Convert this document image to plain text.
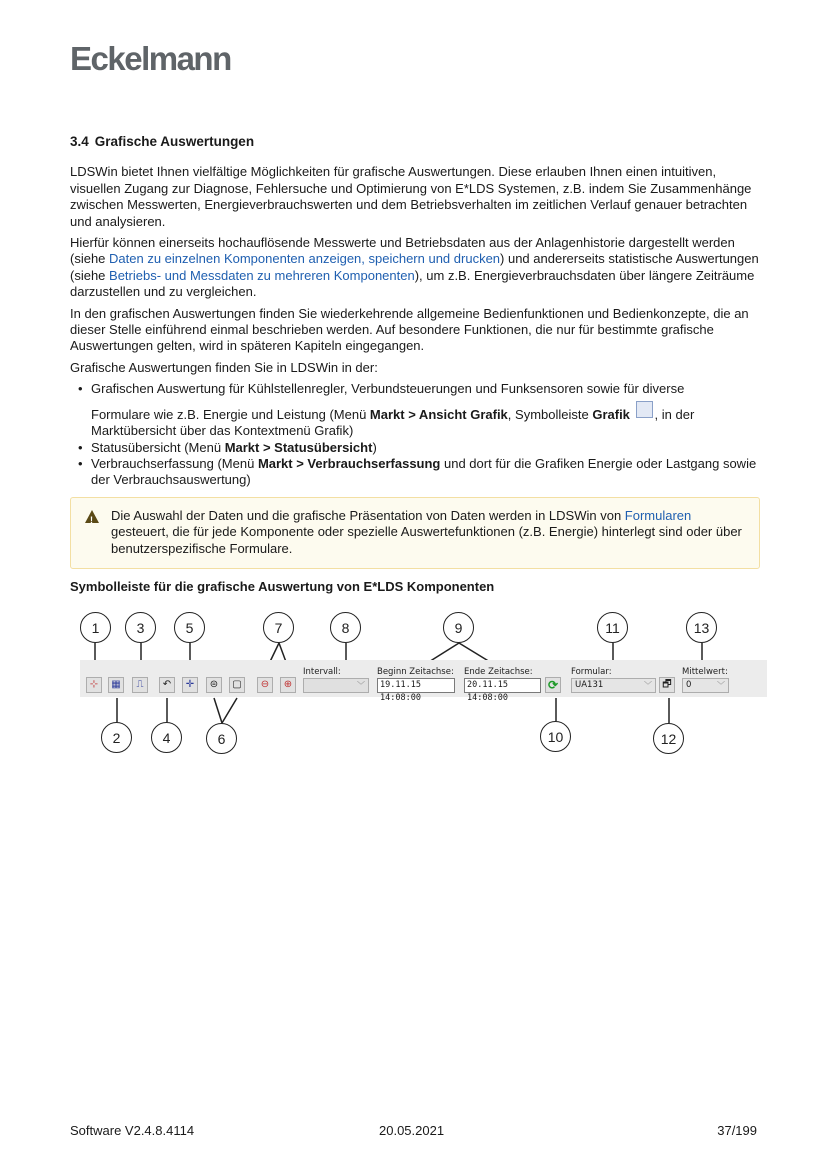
Eckelmann
3.4 Grafische Auswertungen

LDSWin bietet Ihnen vielfältige Möglichkeiten für grafische Auswertungen. Diese erlauben Ihnen einen intuitiven, visuellen Zugang zur Diagnose, Fehlersuche und Optimierung von E*LDS Systemen, z.B. indem Sie Zusammenhänge zwischen Messwerten, Energieverbrauchswerten und dem Betriebsverhalten im zeitlichen Verlauf genauer betrachten und analysieren.

Hierfür können einerseits hochauflösende Messwerte und Betriebsdaten aus der Anlagenhistorie dargestellt werden (siehe Daten zu einzelnen Komponenten anzeigen, speichern und drucken) und andererseits statistische Auswertungen (siehe Betriebs- und Messdaten zu mehreren Komponenten), um z.B. Energieverbrauchsdaten über längere Zeiträume darzustellen und zu vergleichen.

In den grafischen Auswertungen finden Sie wiederkehrende allgemeine Bedienfunktionen und Bedienkonzepte, die an dieser Stelle einführend einmal beschrieben werden. Auf besondere Funktionen, die nur für bestimmte grafische Auswertungen gelten, wird in späteren Kapiteln eingegangen.

Grafische Auswertungen finden Sie in LDSWin in der:

• Grafischen Auswertung für Kühlstellenregler, Verbundsteuerungen und Funksensoren sowie für diverse
Formulare wie z.B. Energie und Leistung (Menü Markt > Ansicht Grafik, Symbolleiste Grafik , in der Marktübersicht über das Kontextmenü Grafik)
• Statusübersicht (Menü Markt > Statusübersicht)
• Verbrauchserfassung (Menü Markt > Verbrauchserfassung und dort für die Grafiken Energie oder Lastgang sowie der Verbrauchsauswertung)
!
Die Auswahl der Daten und die grafische Präsentation von Daten werden in LDSWin von Formularen gesteuert, die für jede Komponente oder spezielle Auswertefunktionen (z.B. Energie) hinterlegt sind oder über benutzerspezifische Formulare.
Symbolleiste für die grafische Auswertung von E*LDS Komponenten
1
2
3
4
5
6
7	8	9
10
11
12
13
⊹	▦	⎍	↶	✛	⊜	▢	⊖	⊕
Intervall:
﹀
Beginn Zeitachse:
19.11.15 14:08:00
Ende Zeitachse:
20.11.15 14:08:00
⟳
Formular:
UA131	﹀	🗗
Mittelwert:
0	﹀
Software V2.4.8.4114	20.05.2021	37/199
